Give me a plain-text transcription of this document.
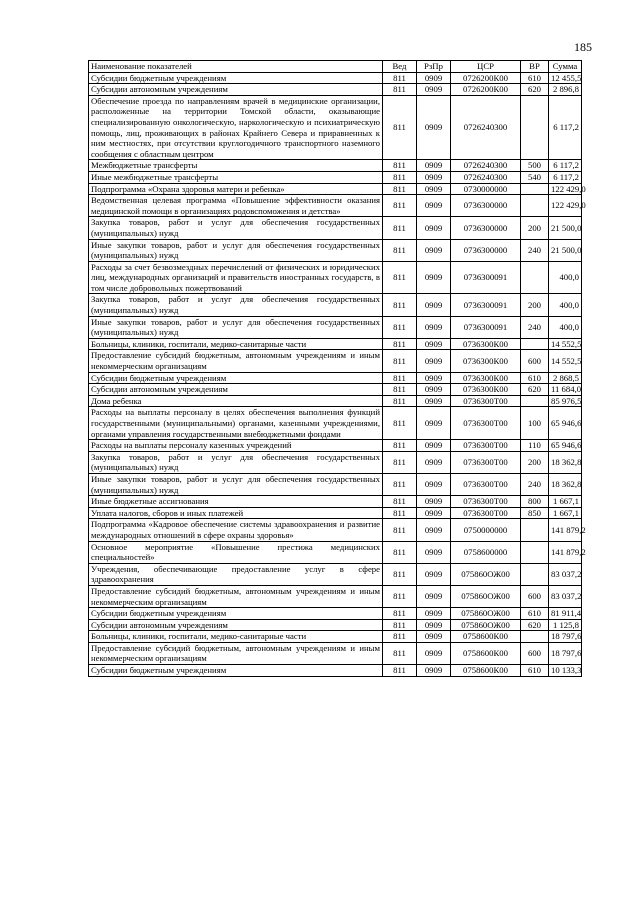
185
Наименование показателей	Вед	РзПр	ЦСР	ВР	Сумма
Субсидии бюджетным учреждениям	811	0909	0726200К00	610	12 455,5
Субсидии автономным учреждениям	811	0909	0726200К00	620	2 896,8
Обеспечение проезда по направлениям врачей в медицинские организации, расположенные на территории Томской области, оказывающие специализированную онкологическую, наркологическую и психиатрическую помощь, лиц, проживающих в районах Крайнего Севера и приравненных к ним местностях, при отсутствии круглогодичного транспортного наземного сообщения с областным центром	811	0909	0726240300		6 117,2
Межбюджетные трансферты	811	0909	0726240300	500	6 117,2
Иные межбюджетные трансферты	811	0909	0726240300	540	6 117,2
Подпрограмма «Охрана здоровья матери и ребенка»	811	0909	0730000000		122 429,0
Ведомственная целевая программа «Повышение эффективности оказания медицинской помощи в организациях родовспоможения и детства»	811	0909	0736300000		122 429,0
Закупка товаров, работ и услуг для обеспечения государственных (муниципальных) нужд	811	0909	0736300000	200	21 500,0
Иные закупки товаров, работ и услуг для обеспечения государственных (муниципальных) нужд	811	0909	0736300000	240	21 500,0
Расходы за счет безвозмездных перечислений от физических и юридических лиц, международных организаций и правительств иностранных государств, в том числе добровольных пожертвований	811	0909	0736300091		400,0
Закупка товаров, работ и услуг для обеспечения государственных (муниципальных) нужд	811	0909	0736300091	200	400,0
Иные закупки товаров, работ и услуг для обеспечения государственных (муниципальных) нужд	811	0909	0736300091	240	400,0
Больницы, клиники, госпитали, медико-санитарные части	811	0909	0736300К00		14 552,5
Предоставление субсидий бюджетным, автономным учреждениям и иным некоммерческим организациям	811	0909	0736300К00	600	14 552,5
Субсидии бюджетным учреждениям	811	0909	0736300К00	610	2 868,5
Субсидии автономным учреждениям	811	0909	0736300К00	620	11 684,0
Дома ребенка	811	0909	0736300Т00		85 976,5
Расходы на выплаты персоналу в целях обеспечения выполнения функций государственными (муниципальными) органами, казенными учреждениями, органами управления государственными внебюджетными фондами	811	0909	0736300Т00	100	65 946,6
Расходы на выплаты персоналу казенных учреждений	811	0909	0736300Т00	110	65 946,6
Закупка товаров, работ и услуг для обеспечения государственных (муниципальных) нужд	811	0909	0736300Т00	200	18 362,8
Иные закупки товаров, работ и услуг для обеспечения государственных (муниципальных) нужд	811	0909	0736300Т00	240	18 362,8
Иные бюджетные ассигнования	811	0909	0736300Т00	800	1 667,1
Уплата налогов, сборов и иных платежей	811	0909	0736300Т00	850	1 667,1
Подпрограмма «Кадровое обеспечение системы здравоохранения и развитие международных отношений в сфере охраны здоровья»	811	0909	0750000000		141 879,2
Основное мероприятие «Повышение престижа медицинских специальностей»	811	0909	0758600000		141 879,2
Учреждения, обеспечивающие предоставление услуг в сфере здравоохранения	811	0909	075860ОЖ00		83 037,2
Предоставление субсидий бюджетным, автономным учреждениям и иным некоммерческим организациям	811	0909	075860ОЖ00	600	83 037,2
Субсидии бюджетным учреждениям	811	0909	075860ОЖ00	610	81 911,4
Субсидии автономным учреждениям	811	0909	075860ОЖ00	620	1 125,8
Больницы, клиники, госпитали, медико-санитарные части	811	0909	0758600К00		18 797,6
Предоставление субсидий бюджетным, автономным учреждениям и иным некоммерческим организациям	811	0909	0758600К00	600	18 797,6
Субсидии бюджетным учреждениям	811	0909	0758600К00	610	10 133,3
